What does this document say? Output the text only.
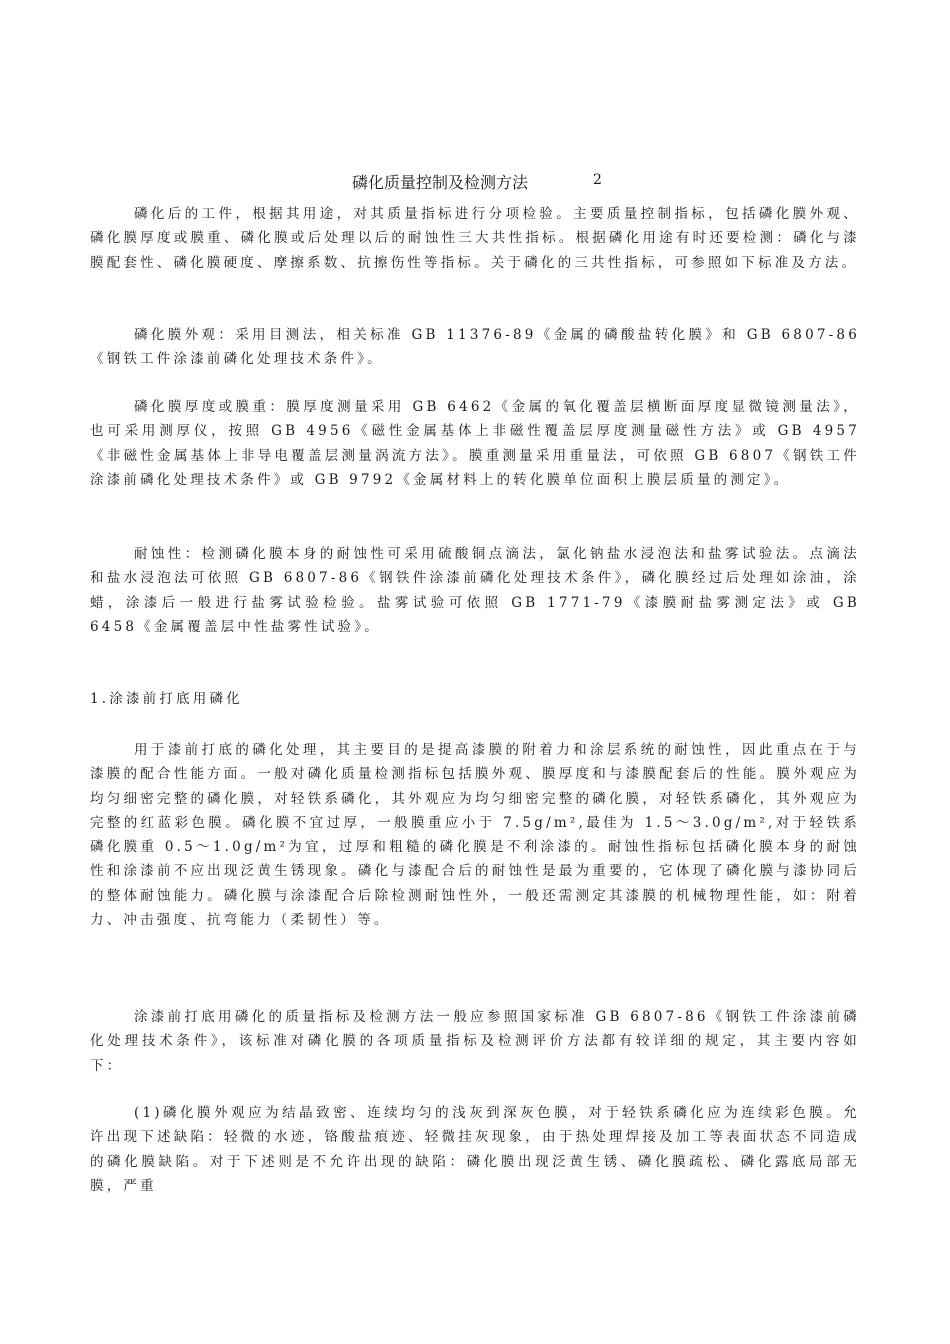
磷化质量控制及检测方法	2

磷化后的工件，根据其用途，对其质量指标进行分项检验。主要质量控制指标，包括磷化膜外观、磷化膜厚度或膜重、磷化膜或后处理以后的耐蚀性三大共性指标。根据磷化用途有时还要检测：磷化与漆膜配套性、磷化膜硬度、摩擦系数、抗擦伤性等指标。关于磷化的三共性指标，可参照如下标准及方法。

磷化膜外观：采用目测法，相关标准 GB 11376-89《金属的磷酸盐转化膜》和 GB 6807-86《钢铁工件涂漆前磷化处理技术条件》。

磷化膜厚度或膜重：膜厚度测量采用 GB 6462《金属的氧化覆盖层横断面厚度显微镜测量法》，也可采用测厚仪，按照 GB 4956《磁性金属基体上非磁性覆盖层厚度测量磁性方法》或 GB 4957《非磁性金属基体上非导电覆盖层测量涡流方法》。膜重测量采用重量法，可依照 GB 6807《钢铁工件涂漆前磷化处理技术条件》或 GB 9792《金属材料上的转化膜单位面积上膜层质量的测定》。

耐蚀性：检测磷化膜本身的耐蚀性可采用硫酸铜点滴法，氯化钠盐水浸泡法和盐雾试验法。点滴法和盐水浸泡法可依照 GB 6807-86《钢铁件涂漆前磷化处理技术条件》，磷化膜经过后处理如涂油，涂蜡，涂漆后一般进行盐雾试验检验。盐雾试验可依照 GB 1771-79《漆膜耐盐雾测定法》或 GB 6458《金属覆盖层中性盐雾性试验》。

1.涂漆前打底用磷化

用于漆前打底的磷化处理，其主要目的是提高漆膜的附着力和涂层系统的耐蚀性，因此重点在于与漆膜的配合性能方面。一般对磷化质量检测指标包括膜外观、膜厚度和与漆膜配套后的性能。膜外观应为均匀细密完整的磷化膜，对轻铁系磷化，其外观应为均匀细密完整的磷化膜，对轻铁系磷化，其外观应为完整的红蓝彩色膜。磷化膜不宜过厚，一般膜重应小于 7.5g/m²,最佳为 1.5～3.0g/m²,对于轻铁系磷化膜重 0.5～1.0g/m²为宜，过厚和粗糙的磷化膜是不利涂漆的。耐蚀性指标包括磷化膜本身的耐蚀性和涂漆前不应出现泛黄生锈现象。磷化与漆配合后的耐蚀性是最为重要的，它体现了磷化膜与漆协同后的整体耐蚀能力。磷化膜与涂漆配合后除检测耐蚀性外，一般还需测定其漆膜的机械物理性能，如：附着力、冲击强度、抗弯能力（柔韧性）等。

涂漆前打底用磷化的质量指标及检测方法一般应参照国家标准 GB 6807-86《钢铁工件涂漆前磷化处理技术条件》，该标准对磷化膜的各项质量指标及检测评价方法都有较详细的规定，其主要内容如下：

(1)磷化膜外观应为结晶致密、连续均匀的浅灰到深灰色膜，对于轻铁系磷化应为连续彩色膜。允许出现下述缺陷：轻微的水迹，铬酸盐痕迹、轻微挂灰现象，由于热处理焊接及加工等表面状态不同造成的磷化膜缺陷。对于下述则是不允许出现的缺陷：磷化膜出现泛黄生锈、磷化膜疏松、磷化露底局部无膜，严重
